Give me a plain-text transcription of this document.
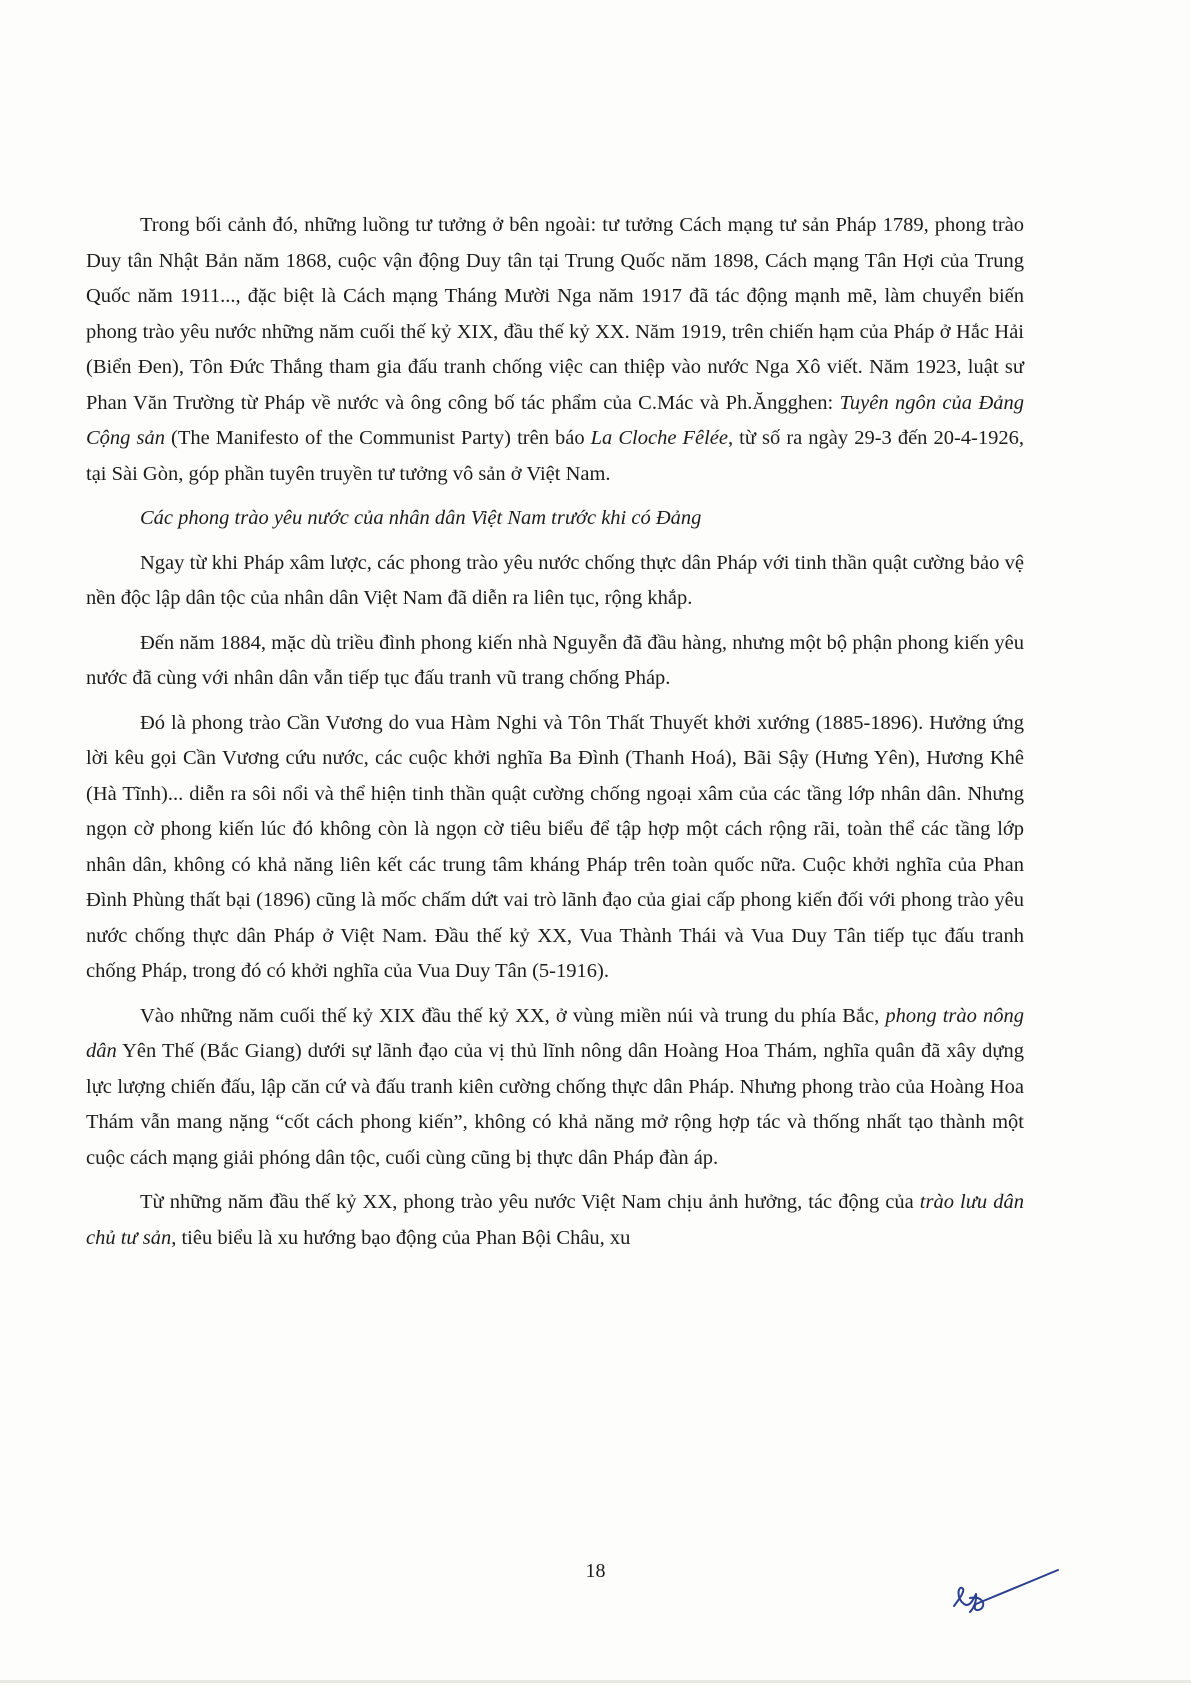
Trong bối cảnh đó, những luồng tư tưởng ở bên ngoài: tư tưởng Cách mạng tư sản Pháp 1789, phong trào Duy tân Nhật Bản năm 1868, cuộc vận động Duy tân tại Trung Quốc năm 1898, Cách mạng Tân Hợi của Trung Quốc năm 1911..., đặc biệt là Cách mạng Tháng Mười Nga năm 1917 đã tác động mạnh mẽ, làm chuyển biến phong trào yêu nước những năm cuối thế kỷ XIX, đầu thế kỷ XX. Năm 1919, trên chiến hạm của Pháp ở Hắc Hải (Biển Đen), Tôn Đức Thắng tham gia đấu tranh chống việc can thiệp vào nước Nga Xô viết. Năm 1923, luật sư Phan Văn Trường từ Pháp về nước và ông công bố tác phẩm của C.Mác và Ph.Ăngghen: Tuyên ngôn của Đảng Cộng sản (The Manifesto of the Communist Party) trên báo La Cloche Fêlée, từ số ra ngày 29-3 đến 20-4-1926, tại Sài Gòn, góp phần tuyên truyền tư tưởng vô sản ở Việt Nam.

Các phong trào yêu nước của nhân dân Việt Nam trước khi có Đảng

Ngay từ khi Pháp xâm lược, các phong trào yêu nước chống thực dân Pháp với tinh thần quật cường bảo vệ nền độc lập dân tộc của nhân dân Việt Nam đã diễn ra liên tục, rộng khắp.

Đến năm 1884, mặc dù triều đình phong kiến nhà Nguyễn đã đầu hàng, nhưng một bộ phận phong kiến yêu nước đã cùng với nhân dân vẫn tiếp tục đấu tranh vũ trang chống Pháp.

Đó là phong trào Cần Vương do vua Hàm Nghi và Tôn Thất Thuyết khởi xướng (1885-1896). Hưởng ứng lời kêu gọi Cần Vương cứu nước, các cuộc khởi nghĩa Ba Đình (Thanh Hoá), Bãi Sậy (Hưng Yên), Hương Khê (Hà Tĩnh)... diễn ra sôi nổi và thể hiện tinh thần quật cường chống ngoại xâm của các tầng lớp nhân dân. Nhưng ngọn cờ phong kiến lúc đó không còn là ngọn cờ tiêu biểu để tập hợp một cách rộng rãi, toàn thể các tầng lớp nhân dân, không có khả năng liên kết các trung tâm kháng Pháp trên toàn quốc nữa. Cuộc khởi nghĩa của Phan Đình Phùng thất bại (1896) cũng là mốc chấm dứt vai trò lãnh đạo của giai cấp phong kiến đối với phong trào yêu nước chống thực dân Pháp ở Việt Nam. Đầu thế kỷ XX, Vua Thành Thái và Vua Duy Tân tiếp tục đấu tranh chống Pháp, trong đó có khởi nghĩa của Vua Duy Tân (5-1916).

Vào những năm cuối thế kỷ XIX đầu thế kỷ XX, ở vùng miền núi và trung du phía Bắc, phong trào nông dân Yên Thế (Bắc Giang) dưới sự lãnh đạo của vị thủ lĩnh nông dân Hoàng Hoa Thám, nghĩa quân đã xây dựng lực lượng chiến đấu, lập căn cứ và đấu tranh kiên cường chống thực dân Pháp. Nhưng phong trào của Hoàng Hoa Thám vẫn mang nặng “cốt cách phong kiến”, không có khả năng mở rộng hợp tác và thống nhất tạo thành một cuộc cách mạng giải phóng dân tộc, cuối cùng cũng bị thực dân Pháp đàn áp.

Từ những năm đầu thế kỷ XX, phong trào yêu nước Việt Nam chịu ảnh hưởng, tác động của trào lưu dân chủ tư sản, tiêu biểu là xu hướng bạo động của Phan Bội Châu, xu

18
